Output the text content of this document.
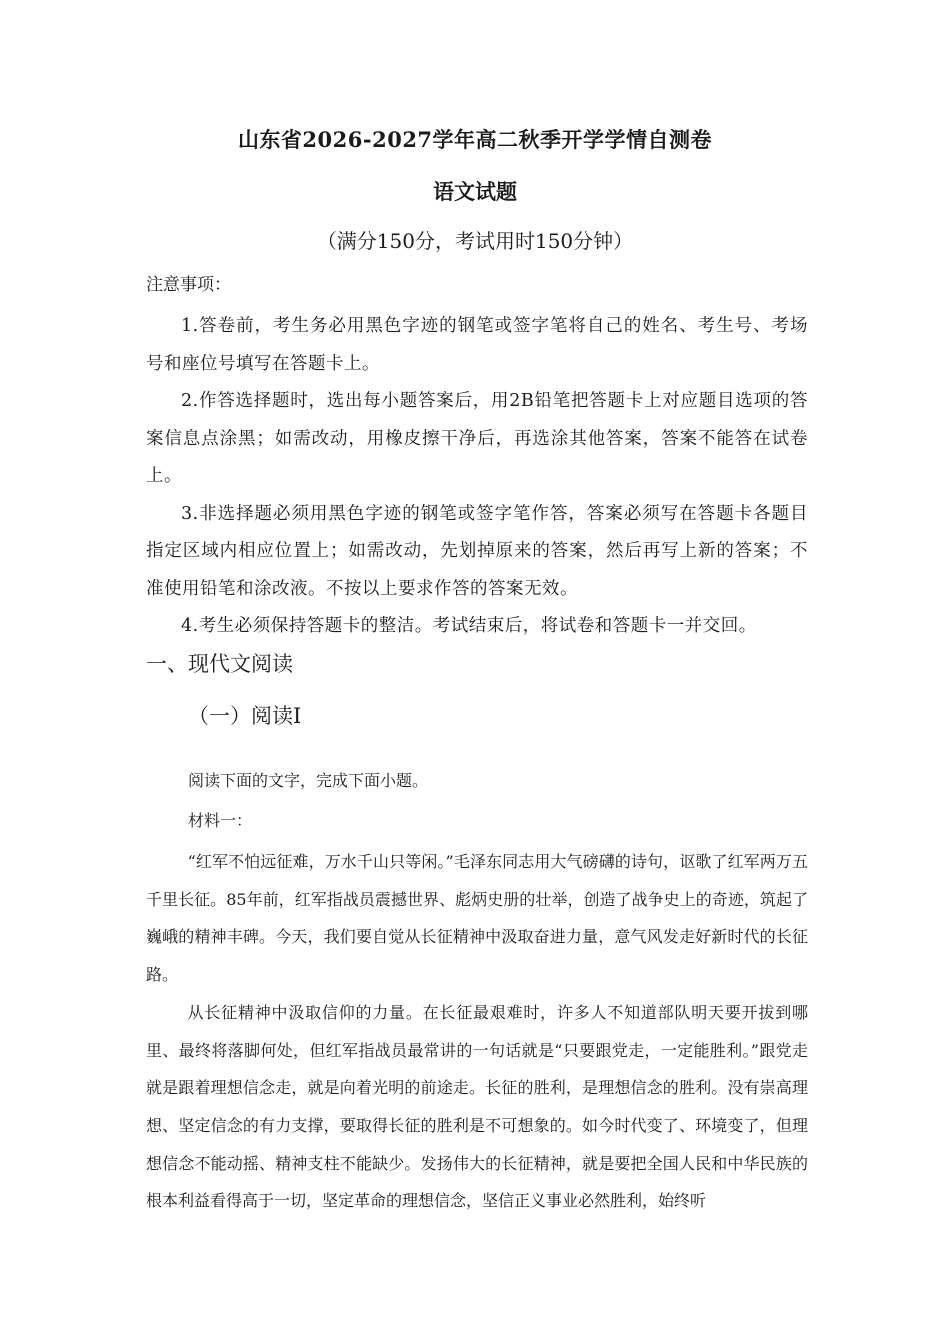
山东省2026-2027学年高二秋季开学学情自测卷
语文试题
（满分150分，考试用时150分钟）
注意事项：

1.答卷前，考生务必用黑色字迹的钢笔或签字笔将自己的姓名、考生号、考场号和座位号填写在答题卡上。

2.作答选择题时，选出每小题答案后，用2B铅笔把答题卡上对应题目选项的答案信息点涂黑；如需改动，用橡皮擦干净后，再选涂其他答案，答案不能答在试卷上。

3.非选择题必须用黑色字迹的钢笔或签字笔作答，答案必须写在答题卡各题目指定区域内相应位置上；如需改动，先划掉原来的答案，然后再写上新的答案；不准使用铅笔和涂改液。不按以上要求作答的答案无效。

4.考生必须保持答题卡的整洁。考试结束后，将试卷和答题卡一并交回。

一、现代文阅读
（一）阅读Ⅰ
阅读下面的文字，完成下面小题。
材料一：

“红军不怕远征难，万水千山只等闲。”毛泽东同志用大气磅礴的诗句，讴歌了红军两万五千里长征。85年前，红军指战员震撼世界、彪炳史册的壮举，创造了战争史上的奇迹，筑起了巍峨的精神丰碑。今天，我们要自觉从长征精神中汲取奋进力量，意气风发走好新时代的长征路。

从长征精神中汲取信仰的力量。在长征最艰难时，许多人不知道部队明天要开拔到哪里、最终将落脚何处，但红军指战员最常讲的一句话就是“只要跟党走，一定能胜利。”跟党走就是跟着理想信念走，就是向着光明的前途走。长征的胜利，是理想信念的胜利。没有崇高理想、坚定信念的有力支撑，要取得长征的胜利是不可想象的。如今时代变了、环境变了，但理想信念不能动摇、精神支柱不能缺少。发扬伟大的长征精神，就是要把全国人民和中华民族的根本利益看得高于一切，坚定革命的理想信念，坚信正义事业必然胜利，始终听
